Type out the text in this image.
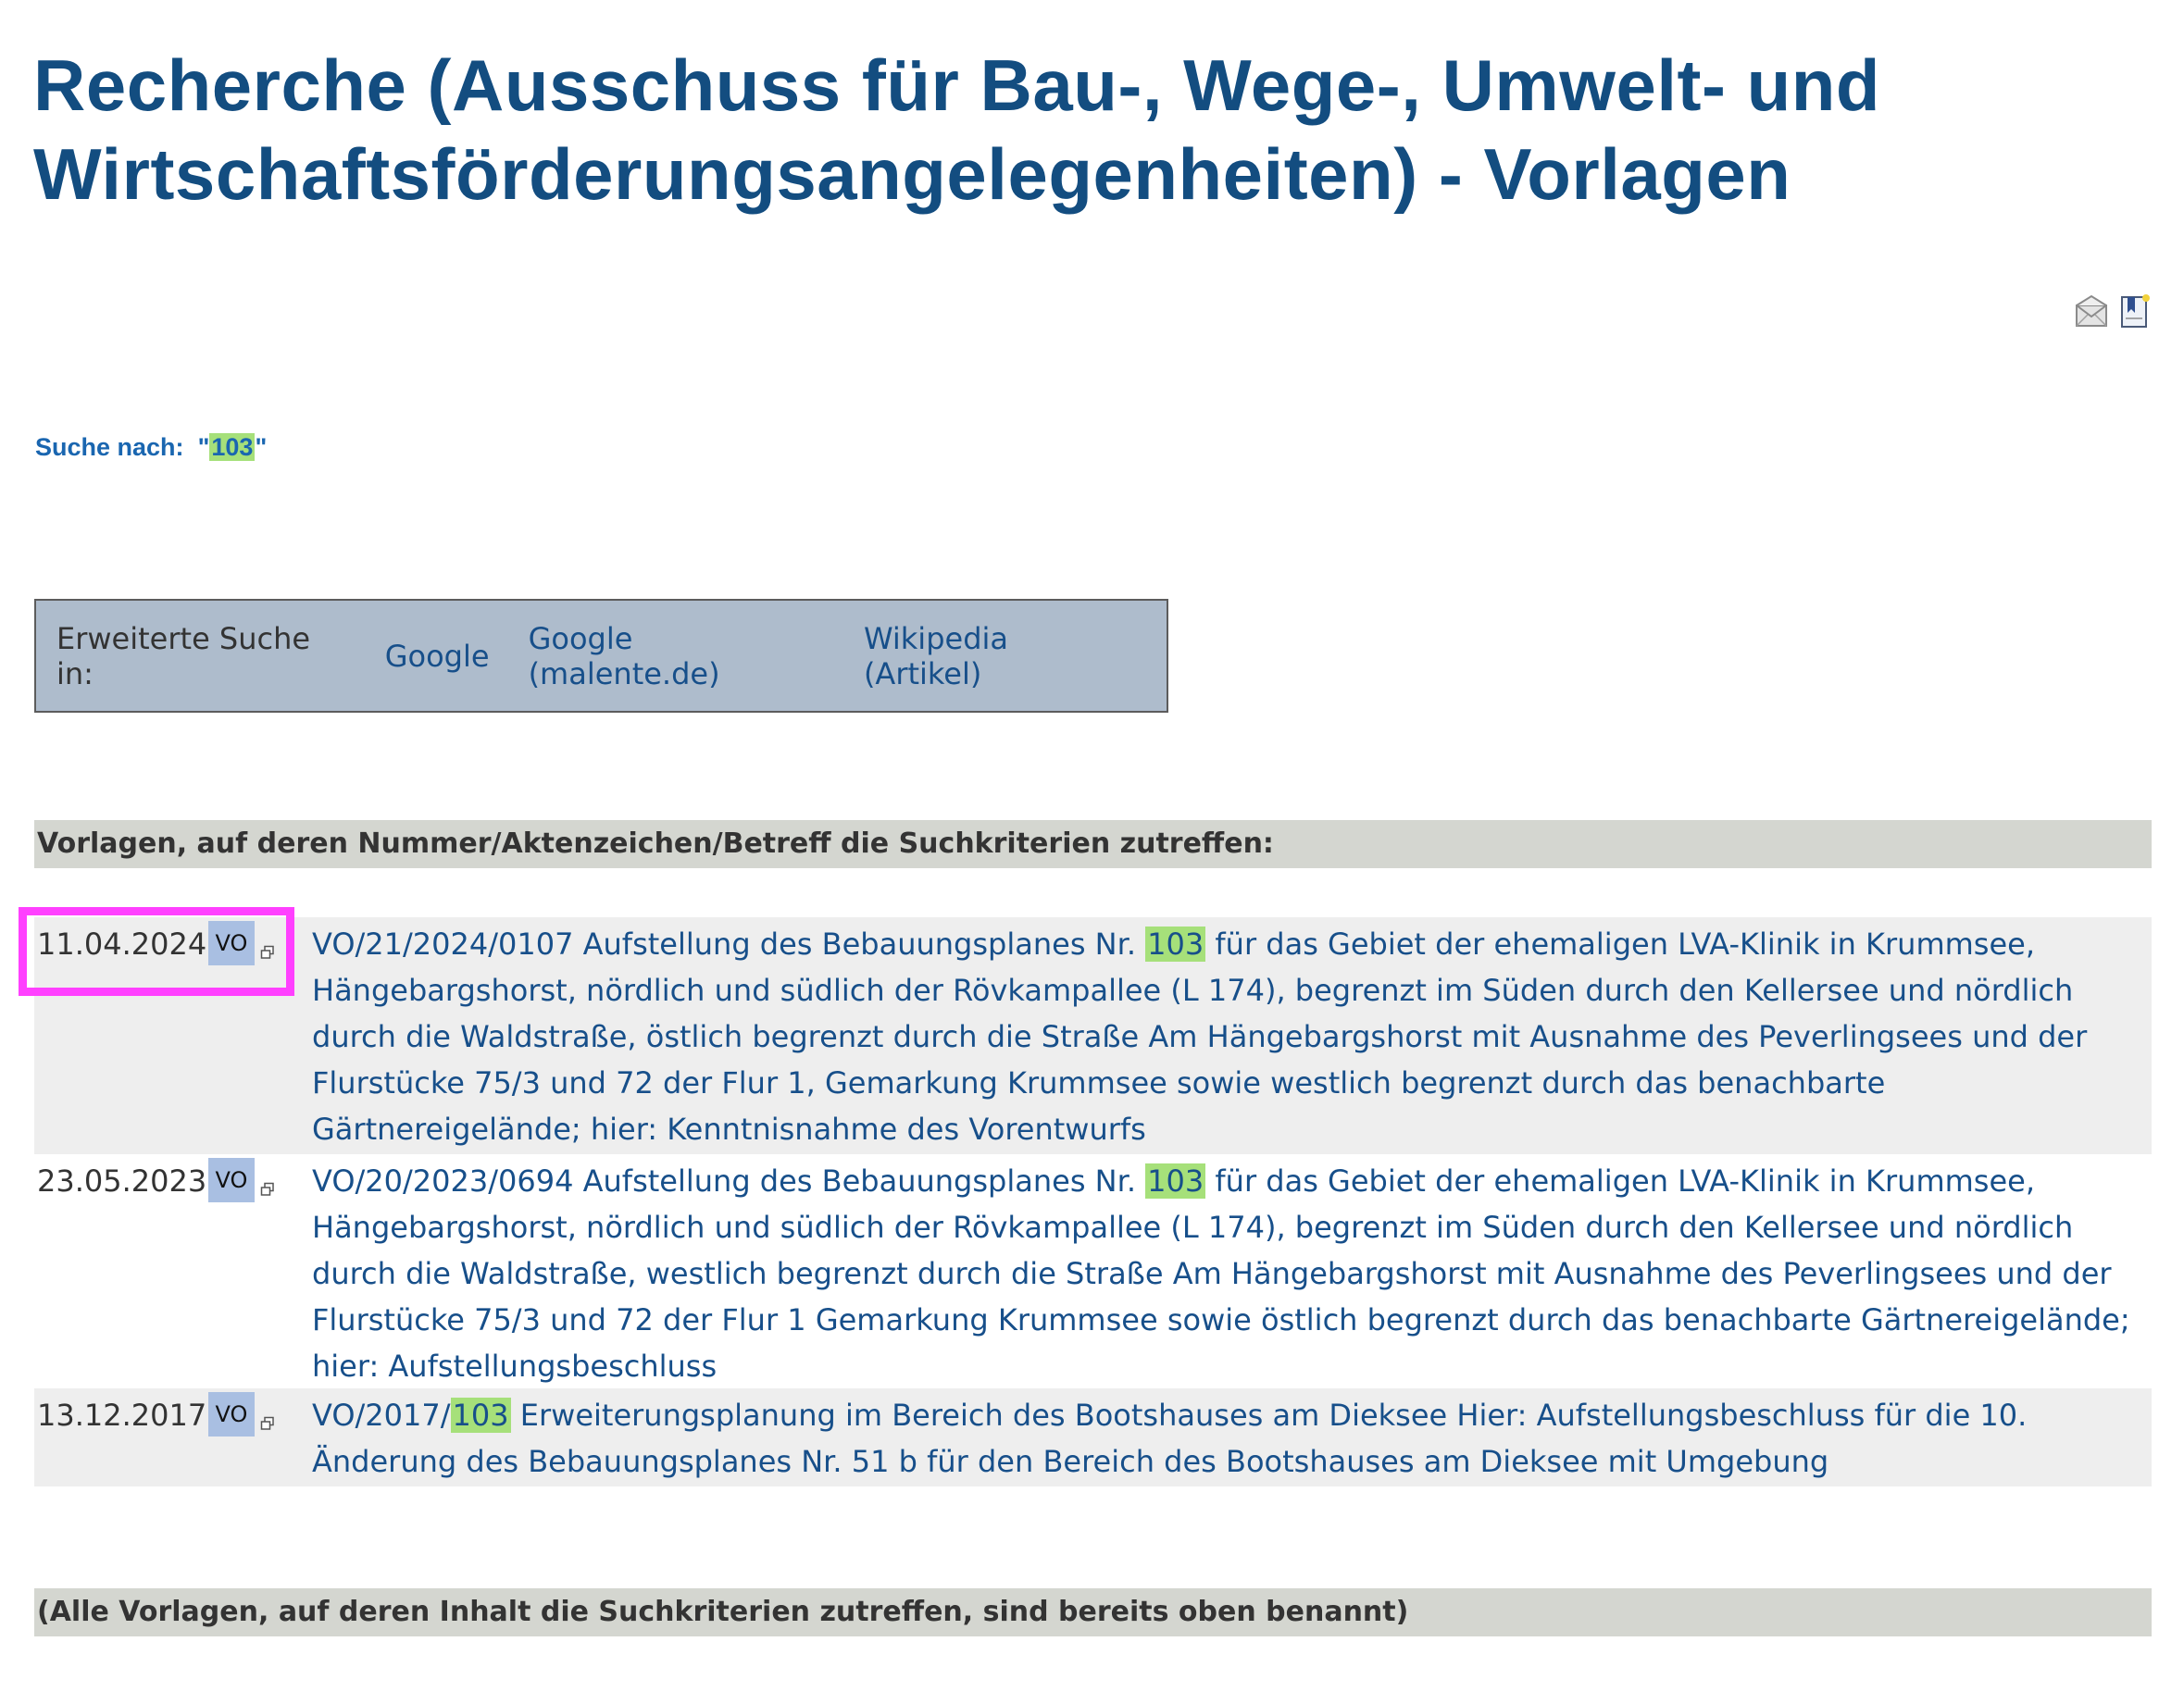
Recherche (Ausschuss für Bau-, Wege-, Umwelt- und Wirtschaftsförderungsangelegenheiten) - Vorlagen
Suche nach: "103"
Erweiterte Suche in:	Google Google (malente.de)
Wikipedia (Artikel)
Vorlagen, auf deren Nummer/Aktenzeichen/Betreff die Suchkriterien zutreffen:
11.04.2024 VO VO/21/2024/0107 Aufstellung des Bebauungsplanes Nr. 103 für das Gebiet der ehemaligen LVA-Klinik in Krummsee, Hängebargshorst, nördlich und südlich der Rövkampallee (L 174), begrenzt im Süden durch den Kellersee und nördlich durch die Waldstraße, östlich begrenzt durch die Straße Am Hängebargshorst mit Ausnahme des Peverlingsees und der Flurstücke 75/3 und 72 der Flur 1, Gemarkung Krummsee sowie westlich begrenzt durch das benachbarte Gärtnereigelände; hier: Kenntnisnahme des Vorentwurfs

23.05.2023 VO VO/20/2023/0694 Aufstellung des Bebauungsplanes Nr. 103 für das Gebiet der ehemaligen LVA-Klinik in Krummsee, Hängebargshorst, nördlich und südlich der Rövkampallee (L 174), begrenzt im Süden durch den Kellersee und nördlich durch die Waldstraße, westlich begrenzt durch die Straße Am Hängebargshorst mit Ausnahme des Peverlingsees und der Flurstücke 75/3 und 72 der Flur 1 Gemarkung Krummsee sowie östlich begrenzt durch das benachbarte Gärtnereigelände; hier: Aufstellungsbeschluss

13.12.2017 VO VO/2017/103 Erweiterungsplanung im Bereich des Bootshauses am Dieksee Hier: Aufstellungsbeschluss für die 10. Änderung des Bebauungsplanes Nr. 51 b für den Bereich des Bootshauses am Dieksee mit Umgebung

(Alle Vorlagen, auf deren Inhalt die Suchkriterien zutreffen, sind bereits oben benannt)
